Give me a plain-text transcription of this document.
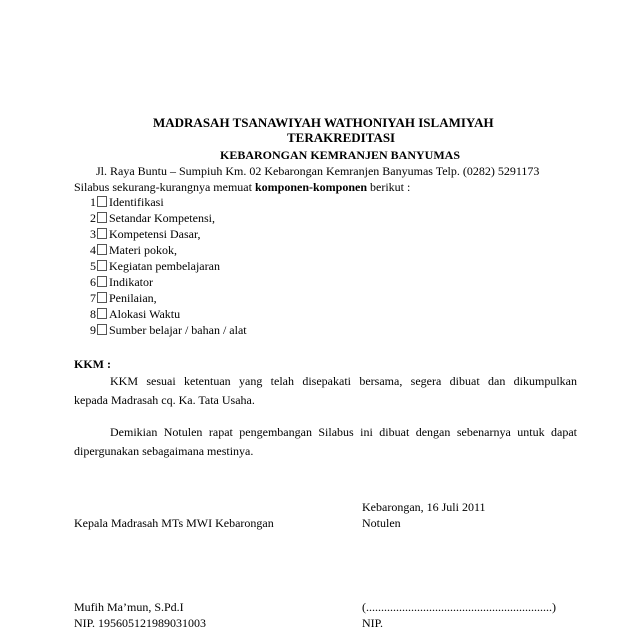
MADRASAH TSANAWIYAH WATHONIYAH ISLAMIYAH
TERAKREDITASI
KEBARONGAN KEMRANJEN BANYUMAS
Jl. Raya Buntu – Sumpiuh Km. 02 Kebarongan Kemranjen Banyumas Telp. (0282) 5291173
Silabus sekurang-kurangnya memuat komponen-komponen berikut :
1 Identifikasi
2 Setandar Kompetensi,
3 Kompetensi Dasar,
4 Materi pokok,
5 Kegiatan pembelajaran
6 Indikator
7 Penilaian,
8 Alokasi Waktu
9 Sumber belajar / bahan / alat
KKM :
KKM sesuai ketentuan yang telah disepakati bersama, segera dibuat dan dikumpulkan
kepada Madrasah cq. Ka. Tata Usaha.
Demikian Notulen rapat pengembangan Silabus ini dibuat dengan sebenarnya untuk dapat
dipergunakan sebagaimana mestinya.
Kebarongan, 16 Juli 2011
Kepala Madrasah MTs MWI Kebarongan	Notulen
Mufih Ma’mun, S.Pd.I	(..............................................................)
NIP. 195605121989031003	NIP.
